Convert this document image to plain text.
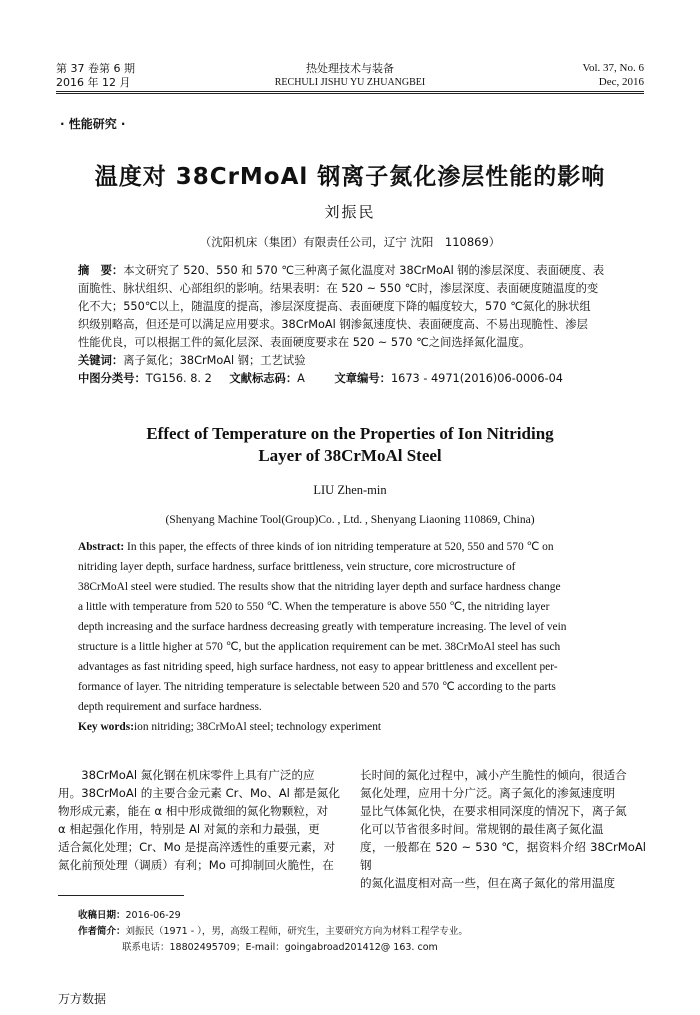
第 37 卷第 6 期
2016 年 12 月
热处理技术与装备
RECHULI JISHU YU ZHUANGBEI
Vol. 37, No. 6
Dec, 2016
· 性能研究 ·
温度对 38CrMoAl 钢离子氮化渗层性能的影响
刘振民
（沈阳机床（集团）有限责任公司，辽宁 沈阳　110869）
摘　要：本文研究了 520、550 和 570 ℃三种离子氮化温度对 38CrMoAl 钢的渗层深度、表面硬度、表
面脆性、脉状组织、心部组织的影响。结果表明：在 520 ~ 550 ℃时，渗层深度、表面硬度随温度的变
化不大；550℃以上，随温度的提高，渗层深度提高、表面硬度下降的幅度较大，570 ℃氮化的脉状组
织级别略高，但还是可以满足应用要求。38CrMoAl 钢渗氮速度快、表面硬度高、不易出现脆性、渗层
性能优良，可以根据工件的氮化层深、表面硬度要求在 520 ~ 570 ℃之间选择氮化温度。
关键词：离子氮化；38CrMoAl 钢；工艺试验
中图分类号：TG156. 8. 2 文献标志码：A	文章编号：1673 - 4971(2016)06-0006-04
Effect of Temperature on the Properties of Ion Nitriding
Layer of 38CrMoAl Steel
LIU Zhen-min
(Shenyang Machine Tool(Group)Co. , Ltd. , Shenyang Liaoning 110869, China)
Abstract: In this paper, the effects of three kinds of ion nitriding temperature at 520, 550 and 570 ℃ on
nitriding layer depth, surface hardness, surface brittleness, vein structure, core microstructure of
38CrMoAl steel were studied. The results show that the nitriding layer depth and surface hardness change
a little with temperature from 520 to 550 ℃. When the temperature is above 550 ℃, the nitriding layer
depth increasing and the surface hardness decreasing greatly with temperature increasing. The level of vein
structure is a little higher at 570 ℃, but the application requirement can be met. 38CrMoAl steel has such
advantages as fast nitriding speed, high surface hardness, not easy to appear brittleness and excellent per-
formance of layer. The nitriding temperature is selectable between 520 and 570 ℃ according to the parts
depth requirement and surface hardness.
Key words:ion nitriding; 38CrMoAl steel; technology experiment
　　38CrMoAl 氮化钢在机床零件上具有广泛的应
用。38CrMoAl 的主要合金元素 Cr、Mo、Al 都是氮化
物形成元素，能在 α 相中形成微细的氮化物颗粒，对
α 相起强化作用，特别是 Al 对氮的亲和力最强，更
适合氮化处理；Cr、Mo 是提高淬透性的重要元素，对
氮化前预处理（调质）有利；Mo 可抑制回火脆性，在
长时间的氮化过程中，减小产生脆性的倾向，很适合
氮化处理，应用十分广泛。离子氮化的渗氮速度明
显比气体氮化快，在要求相同深度的情况下，离子氮
化可以节省很多时间。常规钢的最佳离子氮化温
度，一般都在 520 ~ 530 ℃，据资料介绍 38CrMoAl 钢
的氮化温度相对高一些，但在离子氮化的常用温度
收稿日期：2016-06-29
作者简介：刘振民（1971 - ），男，高级工程师，研究生，主要研究方向为材料工程学专业。
联系电话：18802495709；E-mail：goingabroad201412@ 163. com
万方数据
